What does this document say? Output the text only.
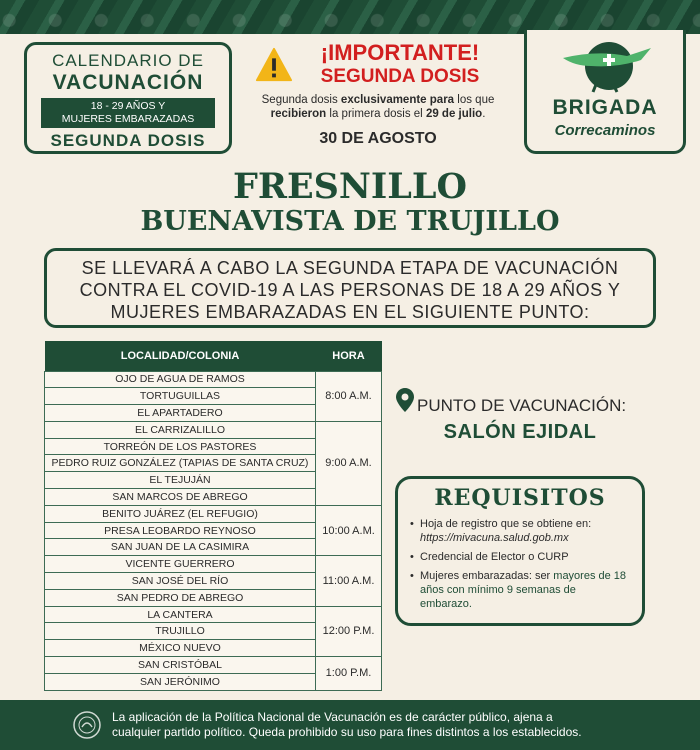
CALENDARIO DE
VACUNACIÓN
18 - 29 AÑOS Y
MUJERES EMBARAZADAS
SEGUNDA DOSIS
¡IMPORTANTE!
SEGUNDA DOSIS
Segunda dosis exclusivamente para los que
recibieron la primera dosis el 29 de julio.
30 DE AGOSTO
BRIGADA
Correcaminos
FRESNILLO
BUENAVISTA DE TRUJILLO
SE LLEVARÁ A CABO LA SEGUNDA ETAPA DE VACUNACIÓN
CONTRA EL COVID-19 A LAS PERSONAS DE 18 A 29 AÑOS Y
MUJERES EMBARAZADAS EN EL SIGUIENTE PUNTO:
LOCALIDAD/COLONIA	HORA
OJO DE AGUA DE RAMOS	8:00 A.M.
TORTUGUILLAS	
EL APARTADERO	
EL CARRIZALILLO	9:00 A.M.
TORREÓN DE LOS PASTORES	
PEDRO RUIZ GONZÁLEZ (TAPIAS DE SANTA CRUZ)	
EL TEJUJÁN	
SAN MARCOS DE ABREGO	
BENITO JUÁREZ (EL REFUGIO)	10:00 A.M.
PRESA LEOBARDO REYNOSO	
SAN JUAN DE LA CASIMIRA	
VICENTE GUERRERO	11:00 A.M.
SAN JOSÉ DEL RÍO	
SAN PEDRO DE ABREGO	
LA CANTERA	12:00 P.M.
TRUJILLO	
MÉXICO NUEVO	
SAN CRISTÓBAL	1:00 P.M.
SAN JERÓNIMO	
PUNTO DE VACUNACIÓN:
SALÓN EJIDAL
REQUISITOS
• Hoja de registro que se obtiene en: https://mivacuna.salud.gob.mx
• Credencial de Elector o CURP
• Mujeres embarazadas: ser mayores de 18 años con mínimo 9 semanas de embarazo.
La aplicación de la Política Nacional de Vacunación es de carácter público, ajena a
cualquier partido político. Queda prohibido su uso para fines distintos a los establecidos.
